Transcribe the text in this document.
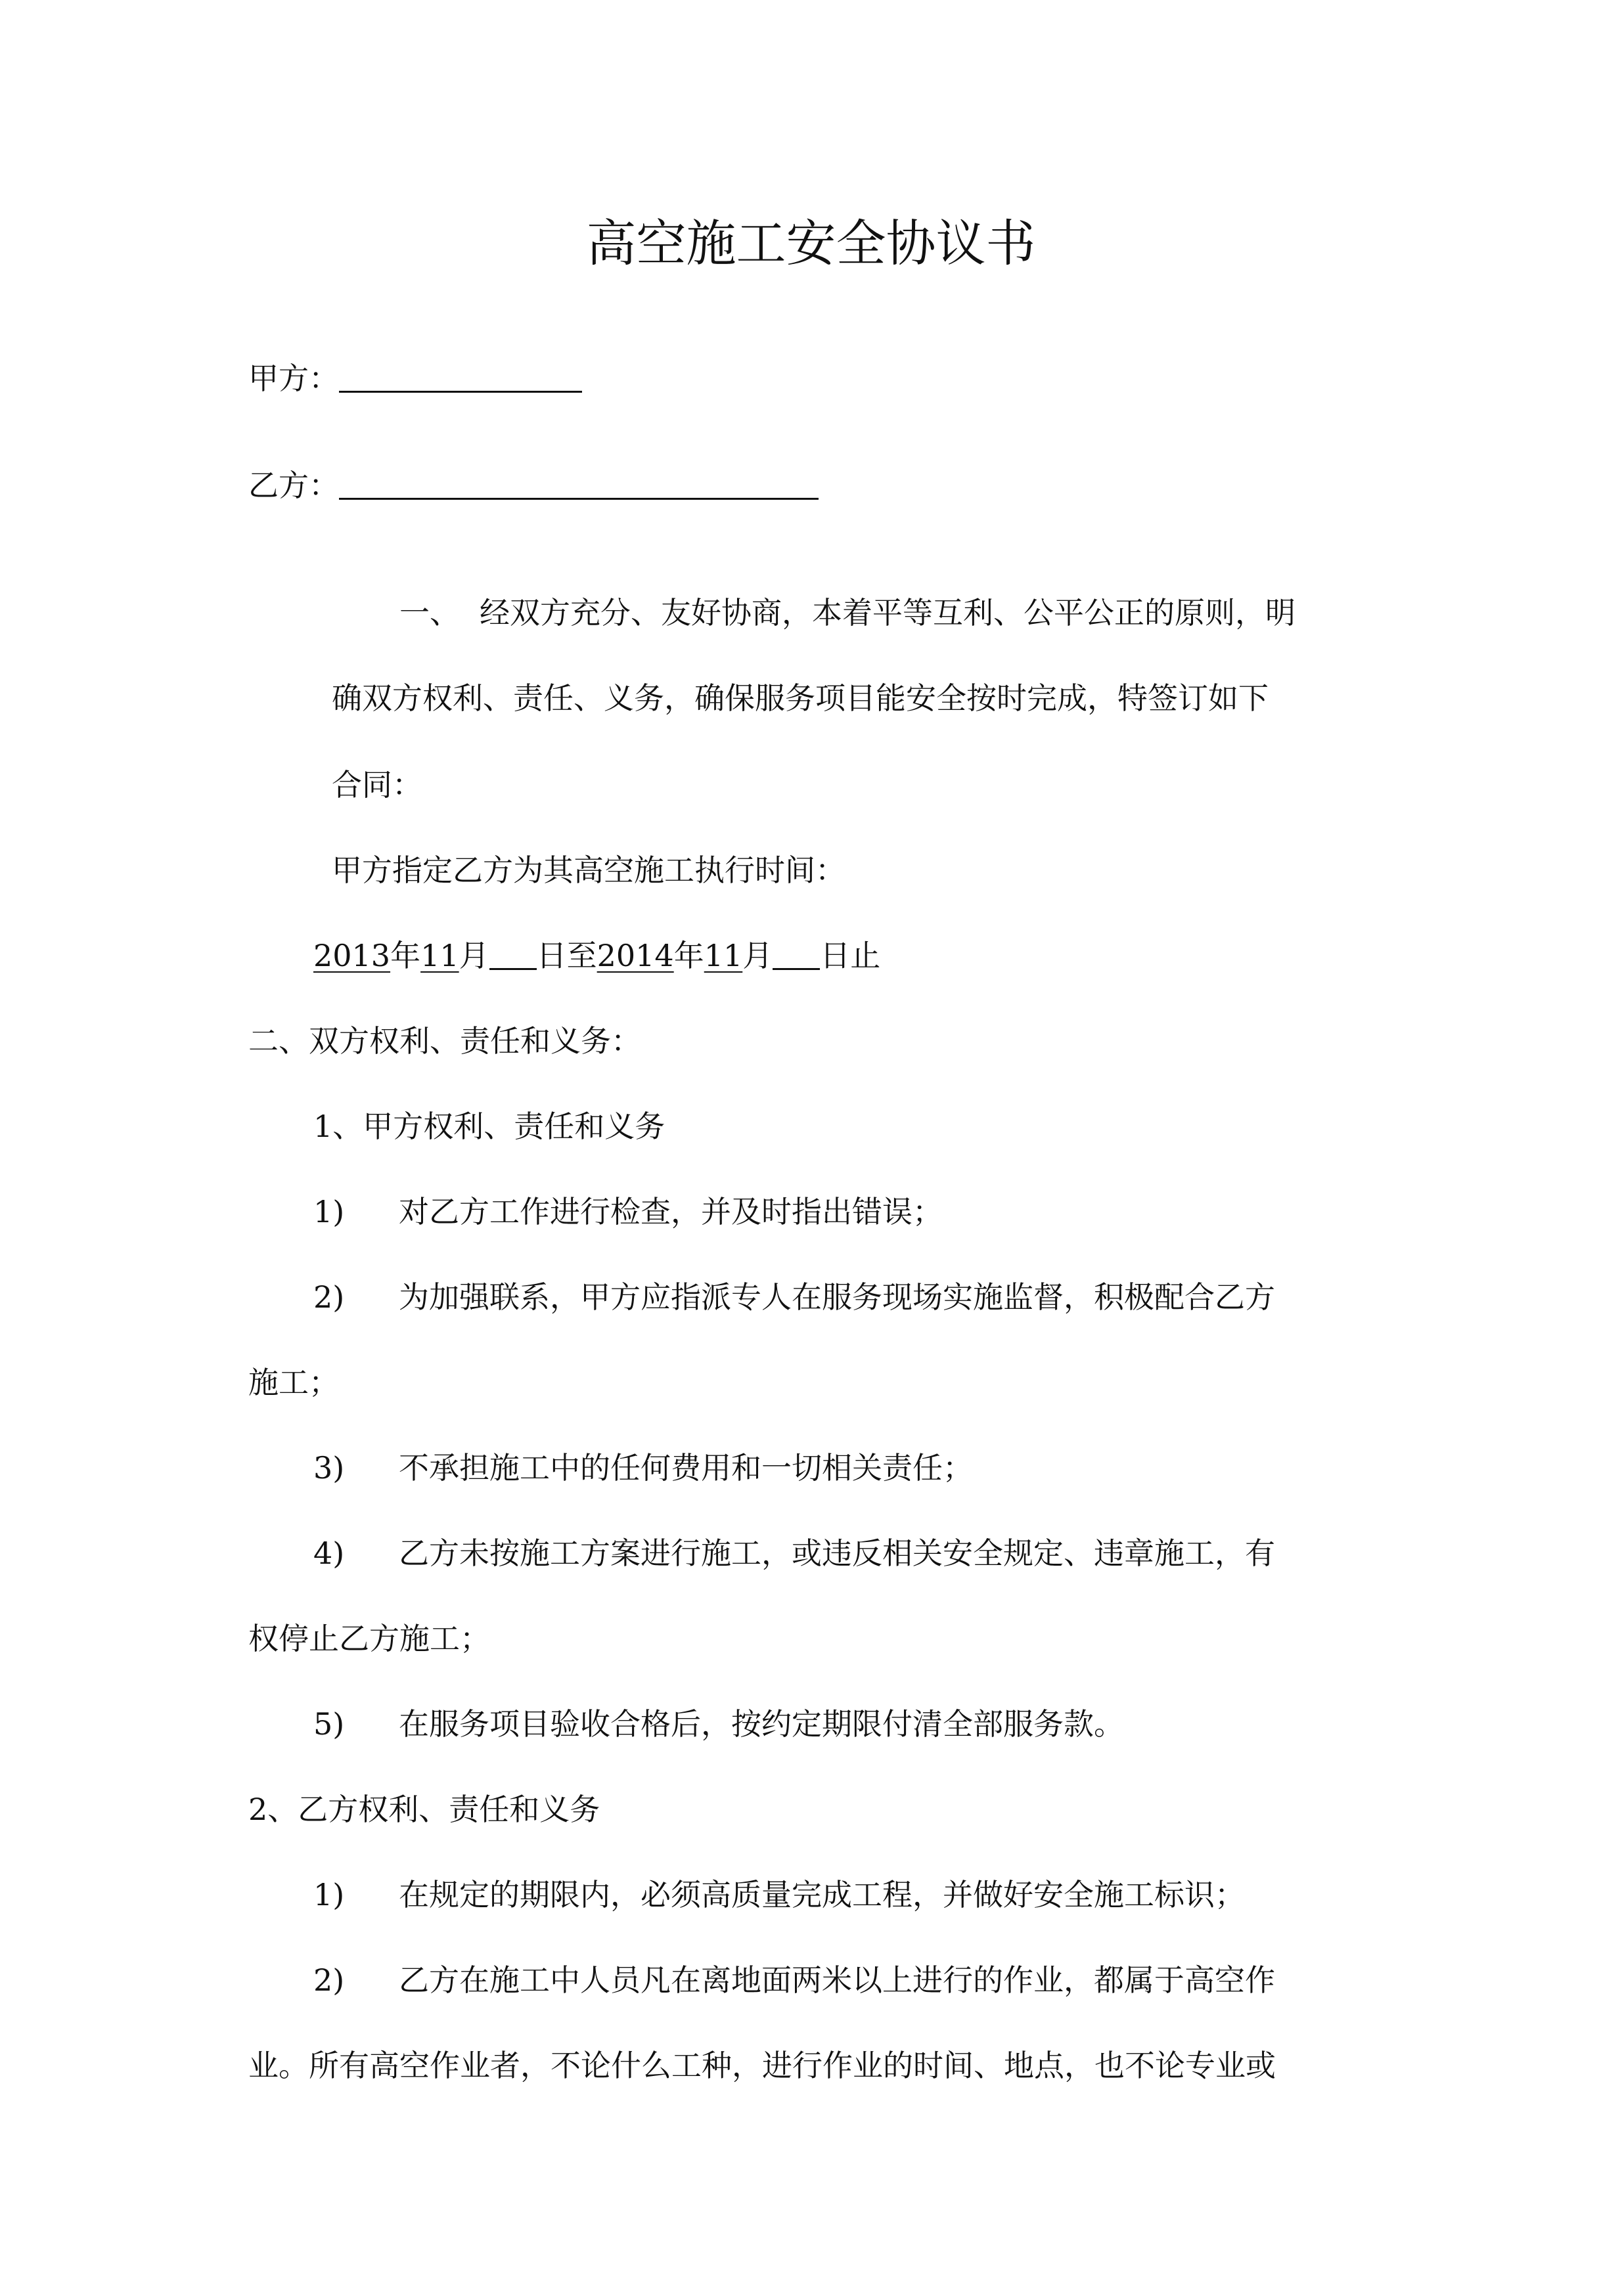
高空施工安全协议书
甲方：
乙方：
一、 经双方充分、友好协商，本着平等互利、公平公正的原则，明
确双方权利、责任、义务，确保服务项目能安全按时完成，特签订如下
合同：
甲方指定乙方为其高空施工执行时间：
2013年11月 日至2014年11月 日止
二、双方权利、责任和义务：
1、甲方权利、责任和义务
1) 对乙方工作进行检查，并及时指出错误；
2) 为加强联系，甲方应指派专人在服务现场实施监督，积极配合乙方
施工；
3) 不承担施工中的任何费用和一切相关责任；
4) 乙方未按施工方案进行施工，或违反相关安全规定、违章施工，有
权停止乙方施工；
5) 在服务项目验收合格后，按约定期限付清全部服务款。
2、乙方权利、责任和义务
1) 在规定的期限内，必须高质量完成工程，并做好安全施工标识；
2) 乙方在施工中人员凡在离地面两米以上进行的作业，都属于高空作
业。所有高空作业者，不论什么工种，进行作业的时间、地点，也不论专业或
